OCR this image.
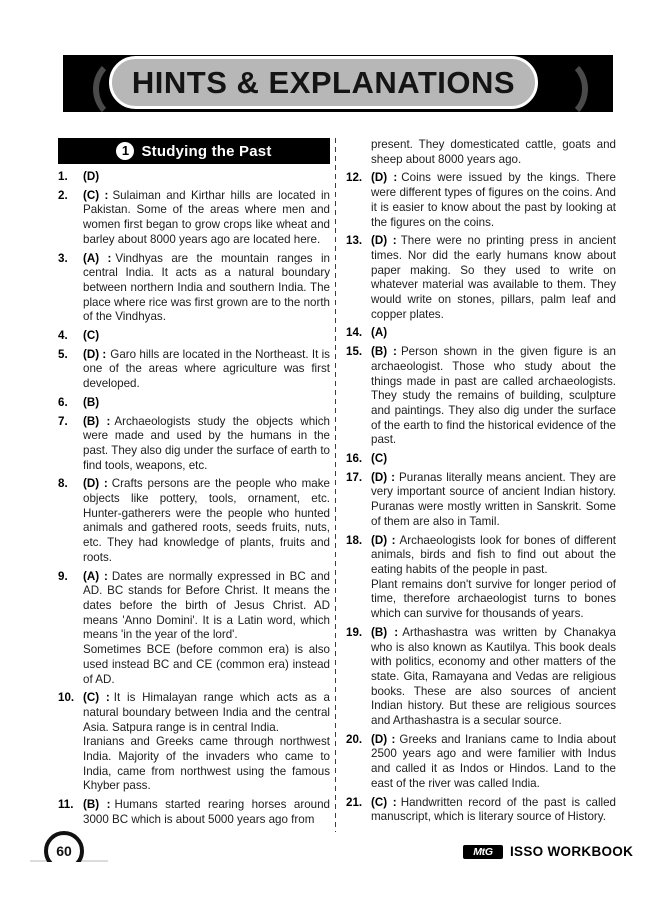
HINTS & EXPLANATIONS
1 Studying the Past
1.	(D)

2.	(C) : Sulaiman and Kirthar hills are located in Pakistan. Some of the areas where men and women first began to grow crops like wheat and barley about 8000 years ago are located here.

3.	(A) : Vindhyas are the mountain ranges in central India. It acts as a natural boundary between northern India and southern India. The place where rice was first grown are to the north of the Vindhyas.

4.	(C)

5.	(D) : Garo hills are located in the Northeast. It is one of the areas where agriculture was first developed.

6.	(B)

7.	(B) : Archaeologists study the objects which were made and used by the humans in the past. They also dig under the surface of earth to find tools, weapons, etc.

8.	(D) : Crafts persons are the people who make objects like pottery, tools, ornament, etc. Hunter-gatherers were the people who hunted animals and gathered roots, seeds fruits, nuts, etc. They had knowledge of plants, fruits and roots.

9.	(A) : Dates are normally expressed in BC and AD. BC stands for Before Christ. It means the dates before the birth of Jesus Christ. AD means 'Anno Domini'. It is a Latin word, which means 'in the year of the lord'.

Sometimes BCE (before common era) is also used instead BC and CE (common era) instead of AD.

10. (C) : It is Himalayan range which acts as a natural boundary between India and the central Asia. Satpura range is in central India.

Iranians and Greeks came through northwest India. Majority of the invaders who came to India, came from northwest using the famous Khyber pass.

11. (B) : Humans started rearing horses around 3000 BC which is about 5000 years ago from

present. They domesticated cattle, goats and sheep about 8000 years ago.

12. (D) : Coins were issued by the kings. There were different types of figures on the coins. And it is easier to know about the past by looking at the figures on the coins.

13. (D) : There were no printing press in ancient times. Nor did the early humans know about paper making. So they used to write on whatever material was available to them. They would write on stones, pillars, palm leaf and copper plates.

14. (A)

15. (B) : Person shown in the given figure is an archaeologist. Those who study about the things made in past are called archaeologists. They study the remains of building, sculpture and paintings. They also dig under the surface of the earth to find the historical evidence of the past.

16. (C)

17. (D) : Puranas literally means ancient. They are very important source of ancient Indian history. Puranas were mostly written in Sanskrit. Some of them are also in Tamil.

18. (D) : Archaeologists look for bones of different animals, birds and fish to find out about the eating habits of the people in past.

Plant remains don't survive for longer period of time, therefore archaeologist turns to bones which can survive for thousands of years.

19. (B) : Arthashastra was written by Chanakya who is also known as Kautilya. This book deals with politics, economy and other matters of the state. Gita, Ramayana and Vedas are religious books. These are also sources of ancient Indian history. But these are religious sources and Arthashastra is a secular source.

20. (D) : Greeks and Iranians came to India about 2500 years ago and were familier with Indus and called it as Indos or Hindos. Land to the east of the river was called India.

21. (C) : Handwritten record of the past is called manuscript, which is literary source of History.

60	MtG	ISSO WORKBOOK
